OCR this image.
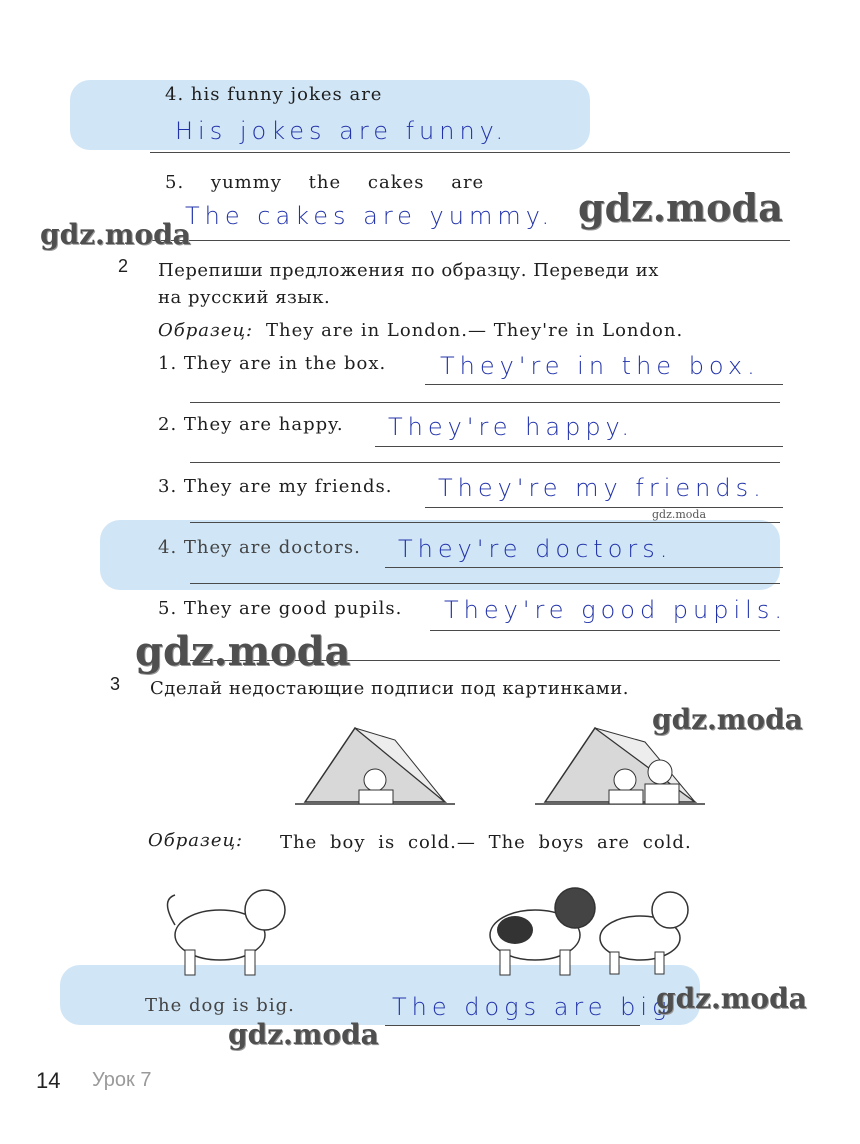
4. his funny jokes are
His jokes are funny.
5. yummy the cakes are
The cakes are yummy.
2 Перепиши предложения по образцу. Переведи их
на русский язык.
Образец: They are in London.— They're in London.
1. They are in the box. They're in the box.
2. They are happy. They're happy.
3. They are my friends. They're my friends.
gdz.moda
4. They are doctors. They're doctors.
5. They are good pupils. They're good pupils.
3 Сделай недостающие подписи под картинками.
Образец: The boy is cold.— The boys are cold.
The dog is big.	The dogs are big
gdz.moda
gdz.moda
gdz.moda
gdz.moda
gdz.moda
gdz.moda
14 Урок 7
